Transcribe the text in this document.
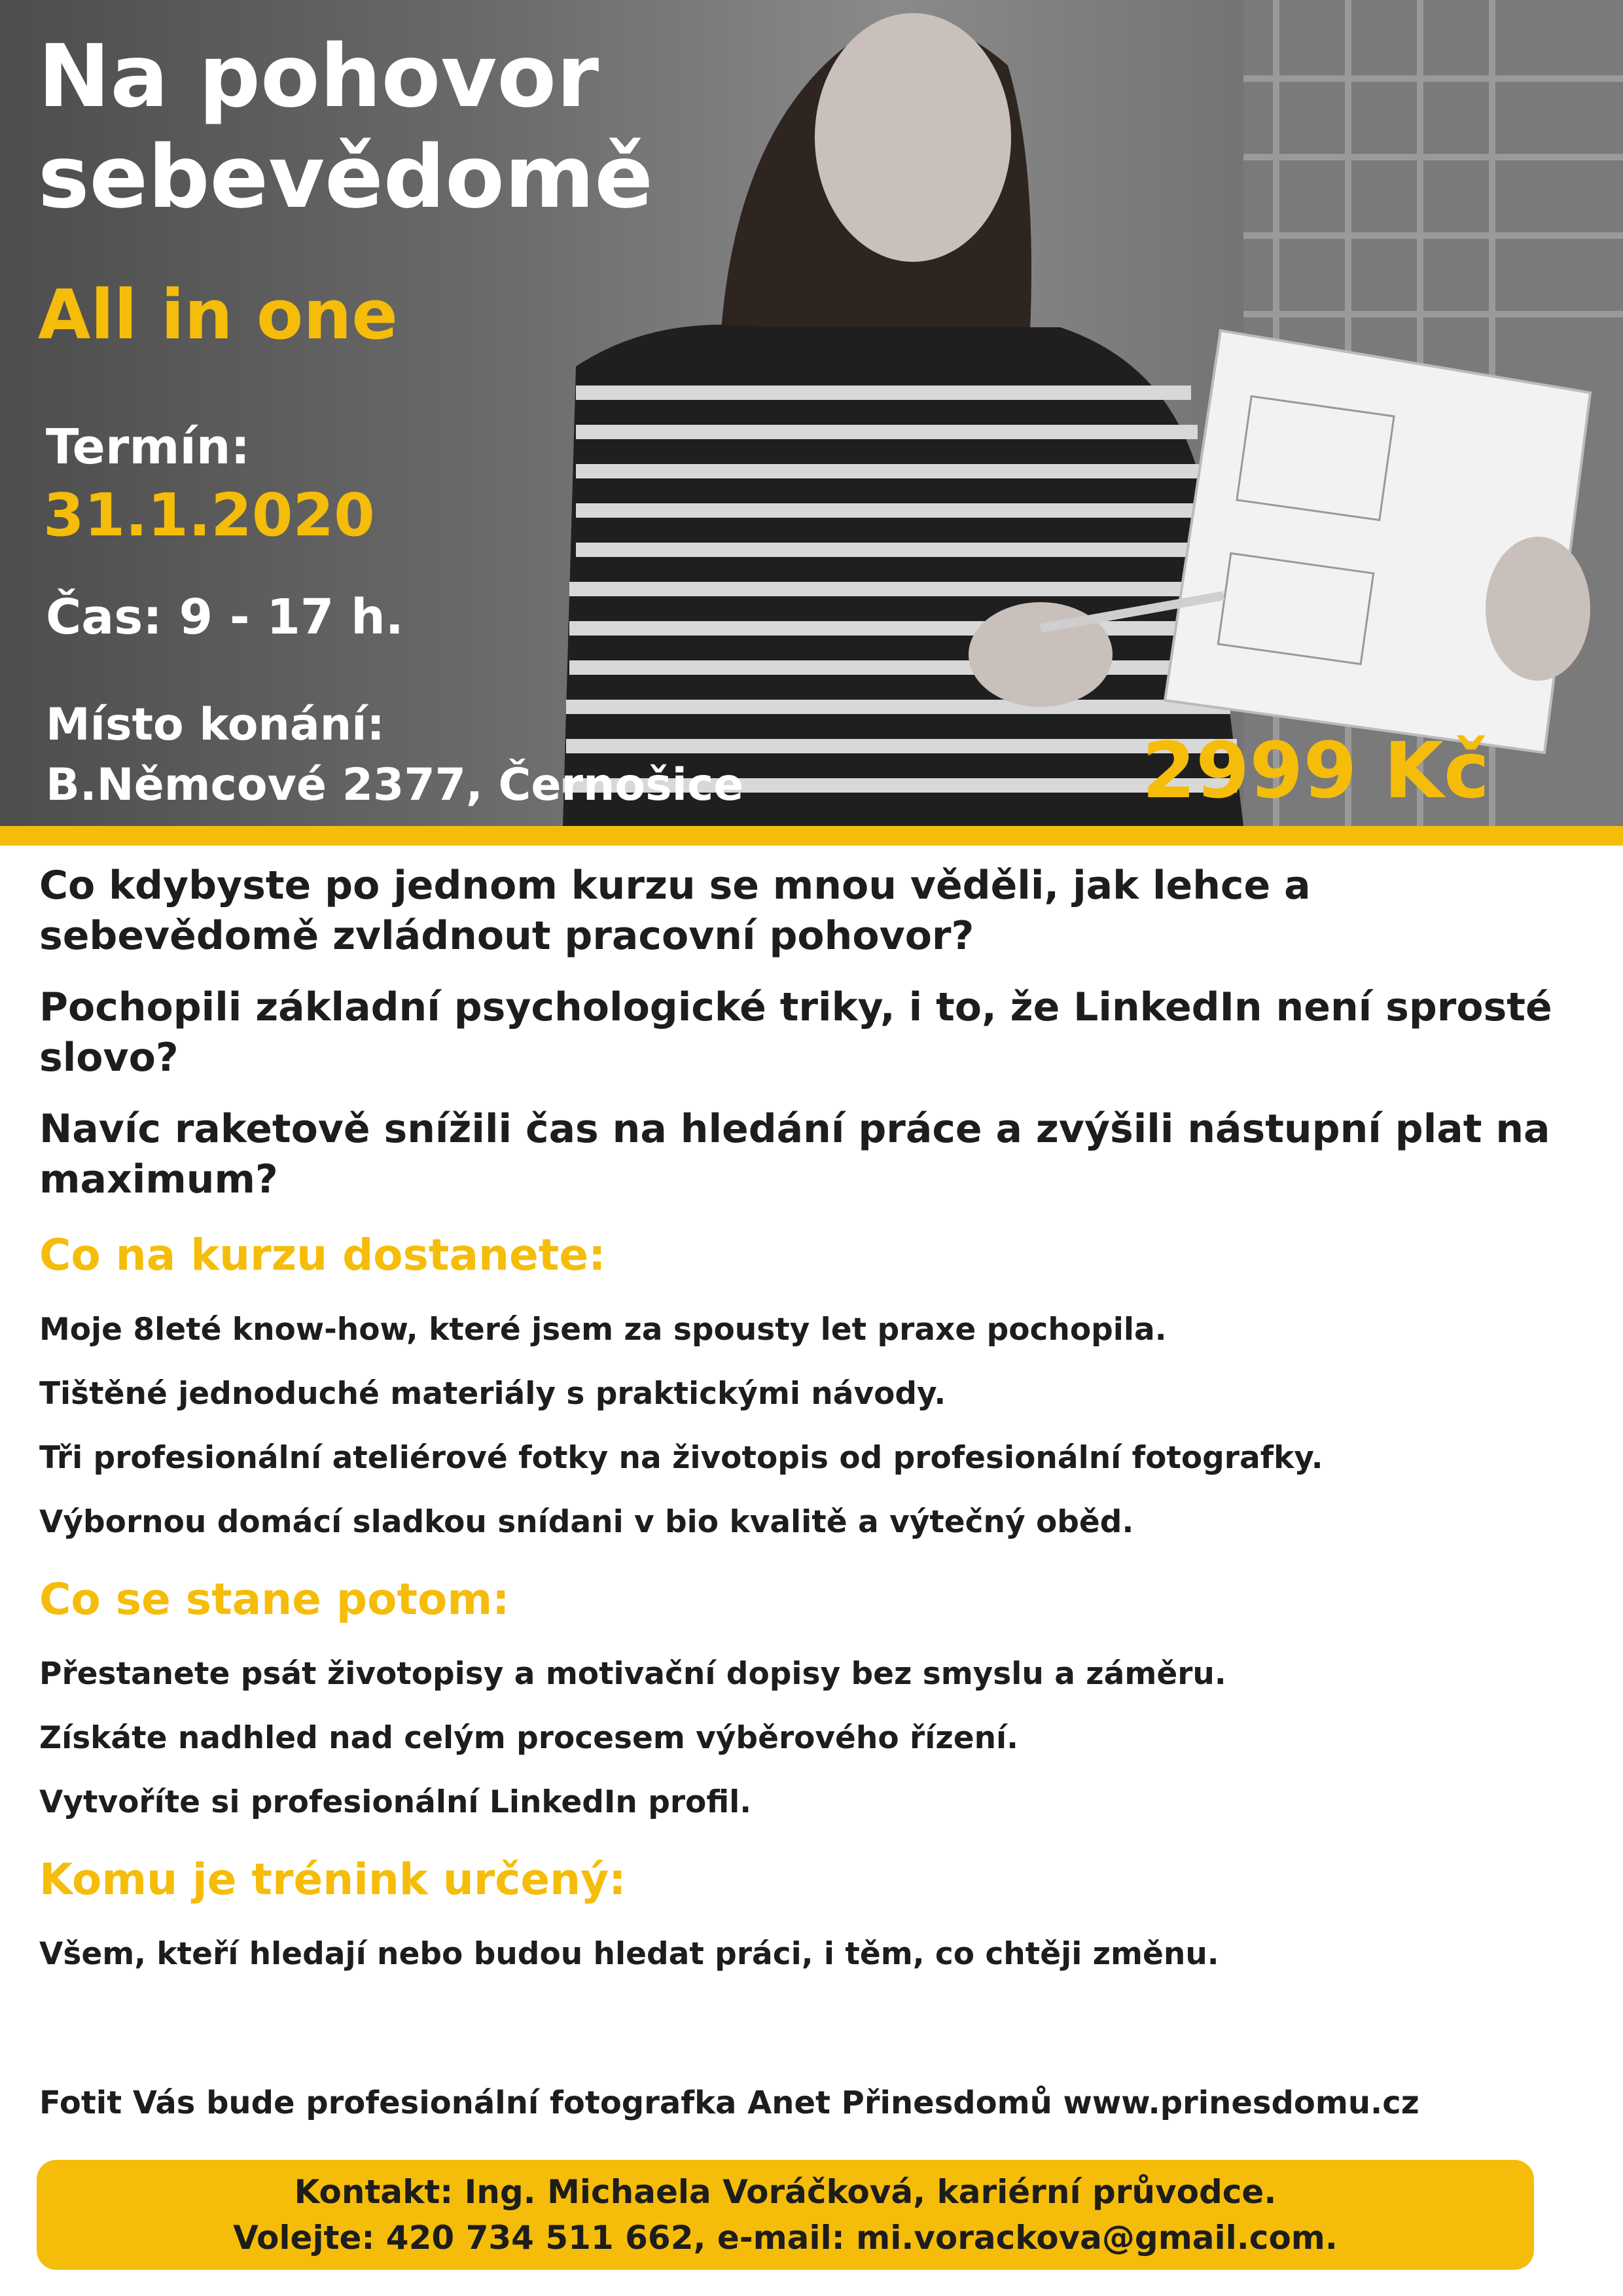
Na pohovor
sebevědomě
All in one
Termín:
31.1.2020
Čas: 9 - 17 h.
Místo konání:
B.Němcové 2377, Černošice	2999 Kč

Co kdybyste po jednom kurzu se mnou věděli, jak lehce a sebevědomě zvládnout pracovní pohovor?

Pochopili základní psychologické triky, i to, že LinkedIn není sprosté slovo?

Navíc raketově snížili čas na hledání práce a zvýšili nástupní plat na maximum?

Co na kurzu dostanete:
Moje 8leté know-how, které jsem za spousty let praxe pochopila.
Tištěné jednoduché materiály s praktickými návody.
Tři profesionální ateliérové fotky na životopis od profesionální fotografky.
Výbornou domácí sladkou snídani v bio kvalitě a výtečný oběd.
Co se stane potom:
Přestanete psát životopisy a motivační dopisy bez smyslu a záměru.
Získáte nadhled nad celým procesem výběrového řízení.
Vytvoříte si profesionální LinkedIn profil.
Komu je trénink určený:
Všem, kteří hledají nebo budou hledat práci, i těm, co chtěji změnu.
Fotit Vás bude profesionální fotografka Anet Přinesdomů www.prinesdomu.cz
Kontakt: Ing. Michaela Voráčková, kariérní průvodce.
Volejte: 420 734 511 662, e-mail: mi.vorackova@gmail.com.
